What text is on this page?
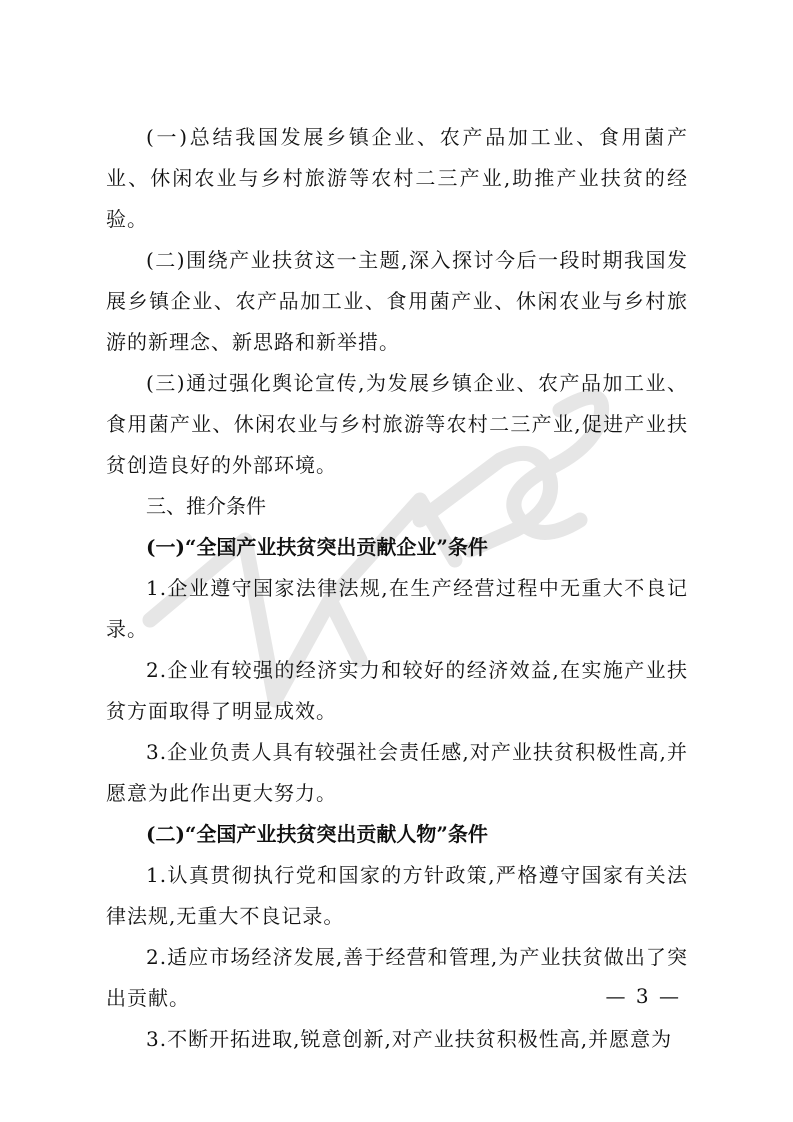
WPS

(一)总结我国发展乡镇企业、农产品加工业、食用菌产业、休闲农业与乡村旅游等农村二三产业,助推产业扶贫的经验。

(二)围绕产业扶贫这一主题,深入探讨今后一段时期我国发展乡镇企业、农产品加工业、食用菌产业、休闲农业与乡村旅游的新理念、新思路和新举措。

(三)通过强化舆论宣传,为发展乡镇企业、农产品加工业、食用菌产业、休闲农业与乡村旅游等农村二三产业,促进产业扶贫创造良好的外部环境。

三、推介条件

(一)“全国产业扶贫突出贡献企业”条件

1.企业遵守国家法律法规,在生产经营过程中无重大不良记录。

2.企业有较强的经济实力和较好的经济效益,在实施产业扶贫方面取得了明显成效。

3.企业负责人具有较强社会责任感,对产业扶贫积极性高,并愿意为此作出更大努力。

(二)“全国产业扶贫突出贡献人物”条件

1.认真贯彻执行党和国家的方针政策,严格遵守国家有关法律法规,无重大不良记录。

2.适应市场经济发展,善于经营和管理,为产业扶贫做出了突出贡献。

3.不断开拓进取,锐意创新,对产业扶贫积极性高,并愿意为

— 3 —
